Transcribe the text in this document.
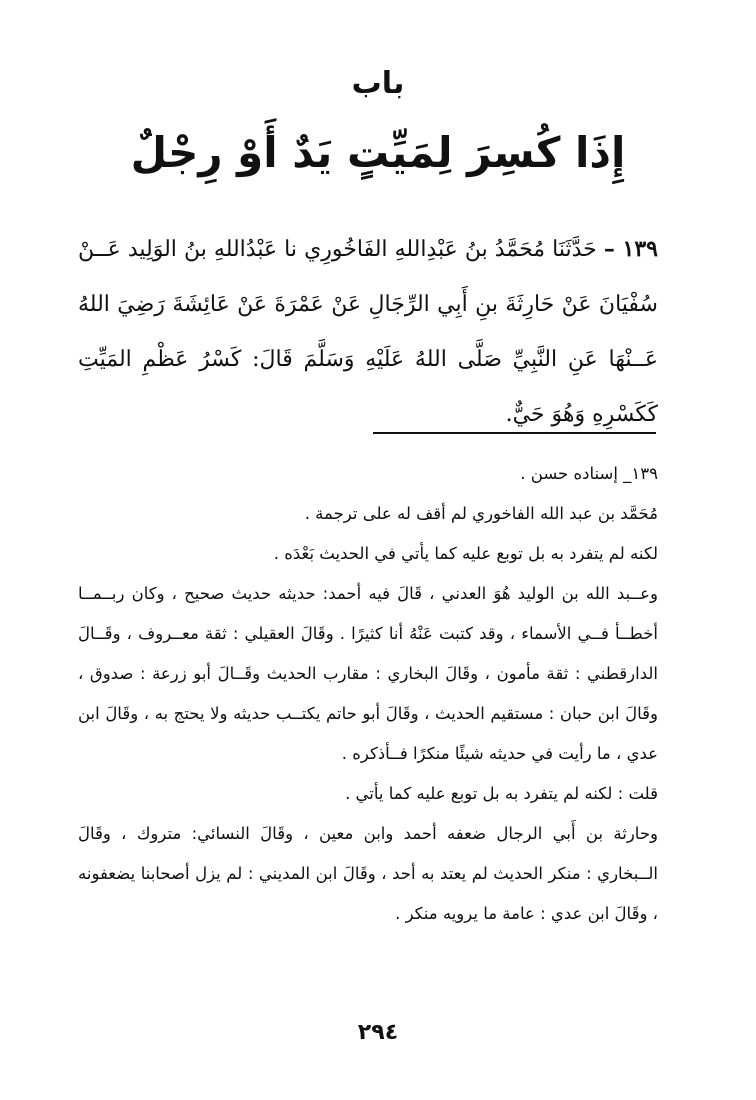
باب
إِذَا كُسِرَ لِمَيِّتٍ يَدٌ أَوْ رِجْلٌ
١٣٩ – حَدَّثَنَا مُحَمَّدُ بنُ عَبْدِاللهِ الفَاخُورِي نا عَبْدُاللهِ بنُ الوَلِيد عَــنْ سُفْيَانَ عَنْ حَارِثَةَ بنِ أَبِي الرِّجَالِ عَنْ عَمْرَةَ عَنْ عَائِشَةَ رَضِيَ اللهُ عَــنْهَا عَنِ النَّبِيِّ صَلَّى اللهُ عَلَيْهِ وَسَلَّمَ قَالَ: كَسْرُ عَظْمِ المَيِّتِ كَكَسْرِهِ وَهُوَ حَيٌّ.

١٣٩_ إسناده حسن .

مُحَمَّد بن عبد الله الفاخوري لم أقف له على ترجمة .

لكنه لم يتفرد به بل توبع عليه كما يأتي في الحديث بَعْدَه .

وعــبد الله بن الوليد هُوَ العدني ، قَالَ فيه أحمد: حديثه حديث صحيح ، وكان ربــمــا أخطــأ فــي الأسماء ، وقد كتبت عَنْهُ أنا كثيرًا . وقَالَ العقيلي : ثقة معــروف ، وقَــالَ الدارقطني : ثقة مأمون ، وقَالَ البخاري : مقارب الحديث وقَــالَ أبو زرعة : صدوق ، وقَالَ ابن حبان : مستقيم الحديث ، وقَالَ أبو حاتم يكتــب حديثه ولا يحتج به ، وقَالَ ابن عدي ، ما رأيت في حديثه شيئًا منكرًا فــأذكره .

قلت : لكنه لم يتفرد به بل توبع عليه كما يأتي .

وحارثة بن أَبي الرجال ضعفه أحمد وابن معين ، وقَالَ النسائي: متروك ، وقَالَ الــبخاري : منكر الحديث لم يعتد به أحد ، وقَالَ ابن المديني : لم يزل أصحابنا يضعفونه ، وقَالَ ابن عدي : عامة ما يرويه منكر .

٢٩٤
